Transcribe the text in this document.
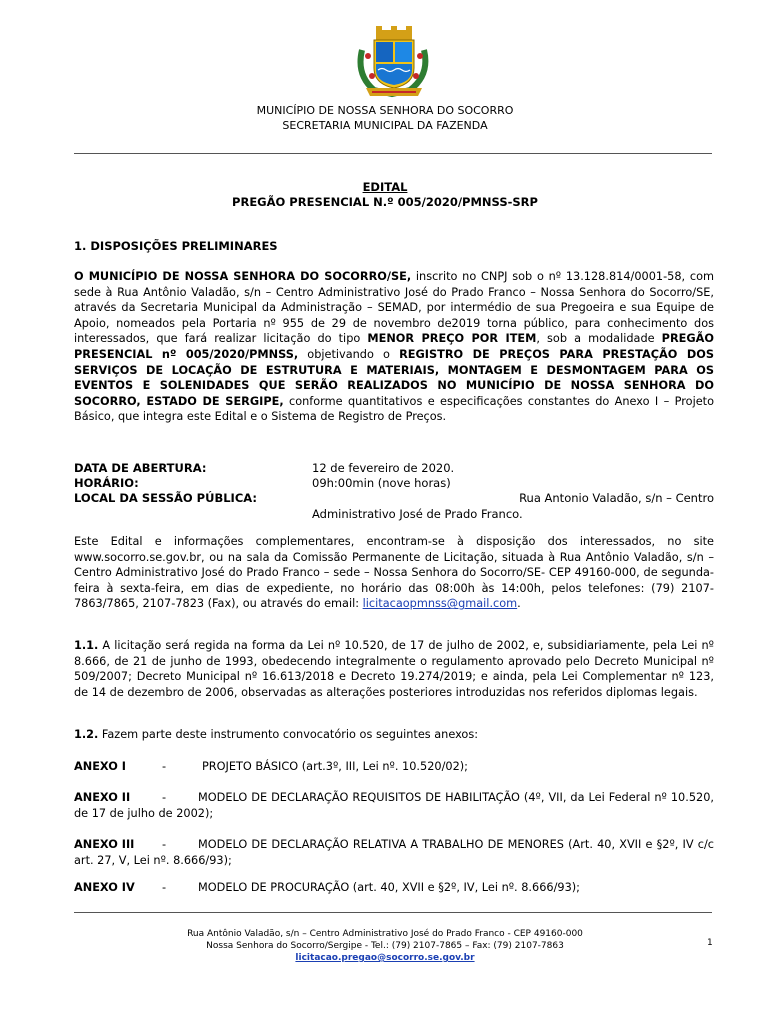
MUNICÍPIO DE NOSSA SENHORA DO SOCORRO
SECRETARIA MUNICIPAL DA FAZENDA
EDITAL
PREGÃO PRESENCIAL N.º 005/2020/PMNSS-SRP
1. DISPOSIÇÕES PRELIMINARES

O MUNICÍPIO DE NOSSA SENHORA DO SOCORRO/SE, inscrito no CNPJ sob o nº 13.128.814/0001-58, com sede à Rua Antônio Valadão, s/n – Centro Administrativo José do Prado Franco – Nossa Senhora do Socorro/SE, através da Secretaria Municipal da Administração – SEMAD, por intermédio de sua Pregoeira e sua Equipe de Apoio, nomeados pela Portaria nº 955 de 29 de novembro de2019 torna público, para conhecimento dos interessados, que fará realizar licitação do tipo MENOR PREÇO POR ITEM, sob a modalidade PREGÃO PRESENCIAL nº 005/2020/PMNSS, objetivando o REGISTRO DE PREÇOS PARA PRESTAÇÃO DOS SERVIÇOS DE LOCAÇÃO DE ESTRUTURA E MATERIAIS, MONTAGEM E DESMONTAGEM PARA OS EVENTOS E SOLENIDADES QUE SERÃO REALIZADOS NO MUNICÍPIO DE NOSSA SENHORA DO SOCORRO, ESTADO DE SERGIPE, conforme quantitativos e especificações constantes do Anexo I – Projeto Básico, que integra este Edital e o Sistema de Registro de Preços.

DATA DE ABERTURA:	12 de fevereiro de 2020.
HORÁRIO:	09h:00min (nove horas)
LOCAL DA SESSÃO PÚBLICA:	Rua Antonio Valadão, s/n – Centro
Administrativo José de Prado Franco.

Este Edital e informações complementares, encontram-se à disposição dos interessados, no site www.socorro.se.gov.br, ou na sala da Comissão Permanente de Licitação, situada à Rua Antônio Valadão, s/n – Centro Administrativo José do Prado Franco – sede – Nossa Senhora do Socorro/SE- CEP 49160-000, de segunda-feira à sexta-feira, em dias de expediente, no horário das 08:00h às 14:00h, pelos telefones: (79) 2107-7863/7865, 2107-7823 (Fax), ou através do email: licitacaopmnss@gmail.com.

1.1. A licitação será regida na forma da Lei nº 10.520, de 17 de julho de 2002, e, subsidiariamente, pela Lei nº 8.666, de 21 de junho de 1993, obedecendo integralmente o regulamento aprovado pelo Decreto Municipal nº 509/2007; Decreto Municipal nº 16.613/2018 e Decreto 19.274/2019; e ainda, pela Lei Complementar nº 123, de 14 de dezembro de 2006, observadas as alterações posteriores introduzidas nos referidos diplomas legais.

1.2. Fazem parte deste instrumento convocatório os seguintes anexos:

ANEXO I	-	PROJETO BÁSICO (art.3º, III, Lei nº. 10.520/02);

ANEXO II	-	MODELO DE DECLARAÇÃO REQUISITOS DE HABILITAÇÃO (4º, VII, da Lei Federal nº 10.520, de 17 de julho de 2002);

ANEXO III -	MODELO DE DECLARAÇÃO RELATIVA A TRABALHO DE MENORES (Art. 40, XVII e §2º, IV c/c art. 27, V, Lei nº. 8.666/93);

ANEXO IV -	MODELO DE PROCURAÇÃO (art. 40, XVII e §2º, IV, Lei nº. 8.666/93);

Rua Antônio Valadão, s/n – Centro Administrativo José do Prado Franco - CEP 49160-000
Nossa Senhora do Socorro/Sergipe - Tel.: (79) 2107-7865 – Fax: (79) 2107-7863
licitacao.pregao@socorro.se.gov.br
1
